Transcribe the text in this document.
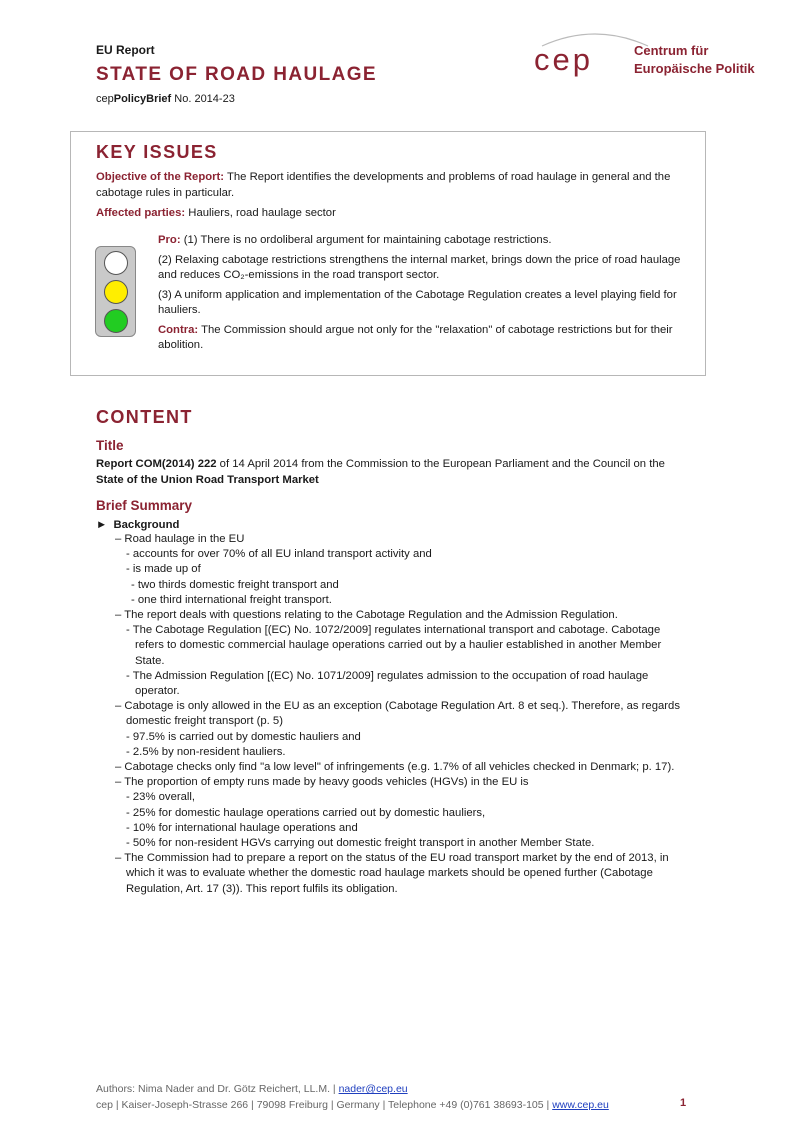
EU Report
STATE OF ROAD HAULAGE
cepPolicyBrief No. 2014-23
cep	Centrum für
Europäische Politik
KEY ISSUES

Objective of the Report: The Report identifies the developments and problems of road haulage in general and the cabotage rules in particular.

Affected parties: Hauliers, road haulage sector

Pro: (1) There is no ordoliberal argument for maintaining cabotage restrictions.

(2) Relaxing cabotage restrictions strengthens the internal market, brings down the price of road haulage and reduces CO₂-emissions in the road transport sector.

(3) A uniform application and implementation of the Cabotage Regulation creates a level playing field for hauliers.

Contra: The Commission should argue not only for the "relaxation" of cabotage restrictions but for their abolition.

CONTENT
Title

Report COM(2014) 222 of 14 April 2014 from the Commission to the European Parliament and the Council on the State of the Union Road Transport Market

Brief Summary
►  Background
– Road haulage in the EU
- accounts for over 70% of all EU inland transport activity and
- is made up of
- two thirds domestic freight transport and
- one third international freight transport.
– The report deals with questions relating to the Cabotage Regulation and the Admission Regulation.
- The Cabotage Regulation [(EC) No. 1072/2009] regulates international transport and cabotage. Cabotage refers to domestic commercial haulage operations carried out by a haulier established in another Member State.
- The Admission Regulation [(EC) No. 1071/2009] regulates admission to the occupation of road haulage operator.
– Cabotage is only allowed in the EU as an exception (Cabotage Regulation Art. 8 et seq.). Therefore, as regards domestic freight transport (p. 5)
- 97.5% is carried out by domestic hauliers and
- 2.5% by non-resident hauliers.
– Cabotage checks only find "a low level" of infringements (e.g. 1.7% of all vehicles checked in Denmark; p. 17).
– The proportion of empty runs made by heavy goods vehicles (HGVs) in the EU is
- 23% overall,
- 25% for domestic haulage operations carried out by domestic hauliers,
- 10% for international haulage operations and
- 50% for non-resident HGVs carrying out domestic freight transport in another Member State.
– The Commission had to prepare a report on the status of the EU road transport market by the end of 2013, in which it was to evaluate whether the domestic road haulage markets should be opened further (Cabotage Regulation, Art. 17 (3)). This report fulfils its obligation.
Authors: Nima Nader and Dr. Götz Reichert, LL.M. | nader@cep.eu
cep | Kaiser-Joseph-Strasse 266 | 79098 Freiburg | Germany | Telephone +49 (0)761 38693-105 | www.cep.eu	1
